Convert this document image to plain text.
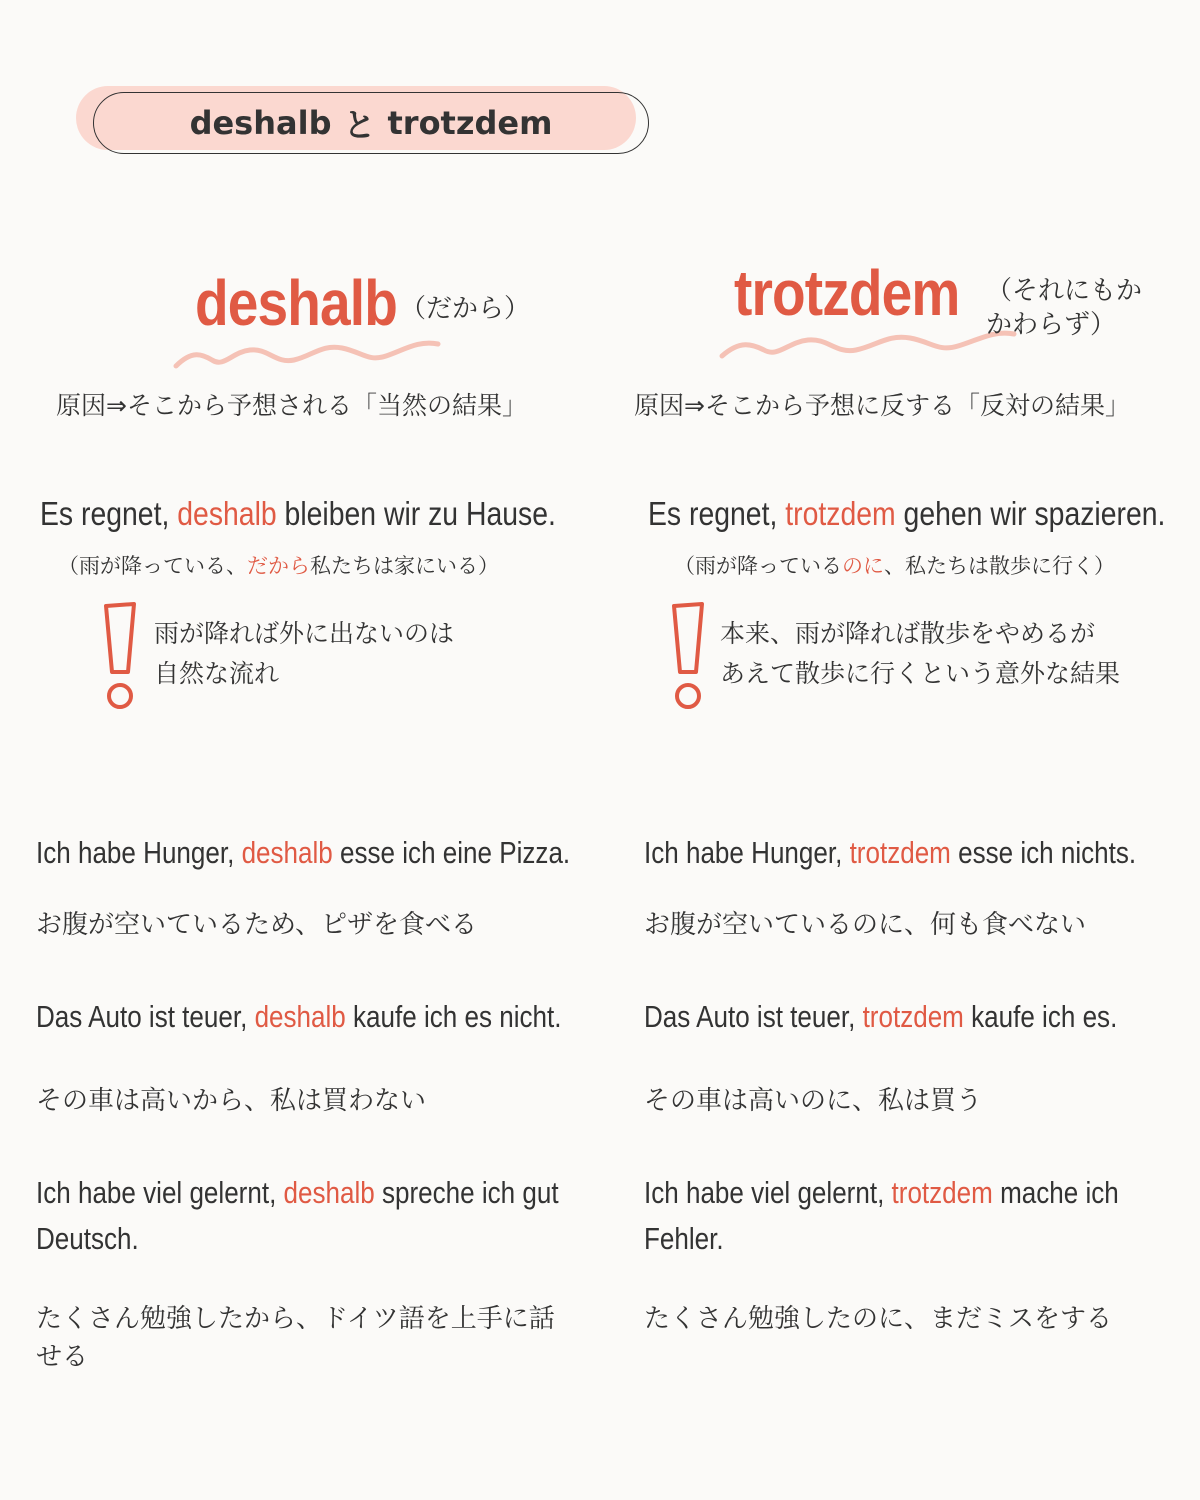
deshalb と trotzdem
deshalb （だから）
原因⇒そこから予想される「当然の結果」
Es regnet, deshalb bleiben wir zu Hause.
（雨が降っている、だから私たちは家にいる）
雨が降れば外に出ないのは
自然な流れ
Ich habe Hunger, deshalb esse ich eine Pizza.
お腹が空いているため、ピザを食べる
Das Auto ist teuer, deshalb kaufe ich es nicht.
その車は高いから、私は買わない
Ich habe viel gelernt, deshalb spreche ich gut Deutsch.
たくさん勉強したから、ドイツ語を上手に話せる
trotzdem （それにもかかわらず）
原因⇒そこから予想に反する「反対の結果」
Es regnet, trotzdem gehen wir spazieren.
（雨が降っているのに、私たちは散歩に行く）
本来、雨が降れば散歩をやめるが
あえて散歩に行くという意外な結果
Ich habe Hunger, trotzdem esse ich nichts.
お腹が空いているのに、何も食べない
Das Auto ist teuer, trotzdem kaufe ich es.
その車は高いのに、私は買う
Ich habe viel gelernt, trotzdem mache ich Fehler.
たくさん勉強したのに、まだミスをする
